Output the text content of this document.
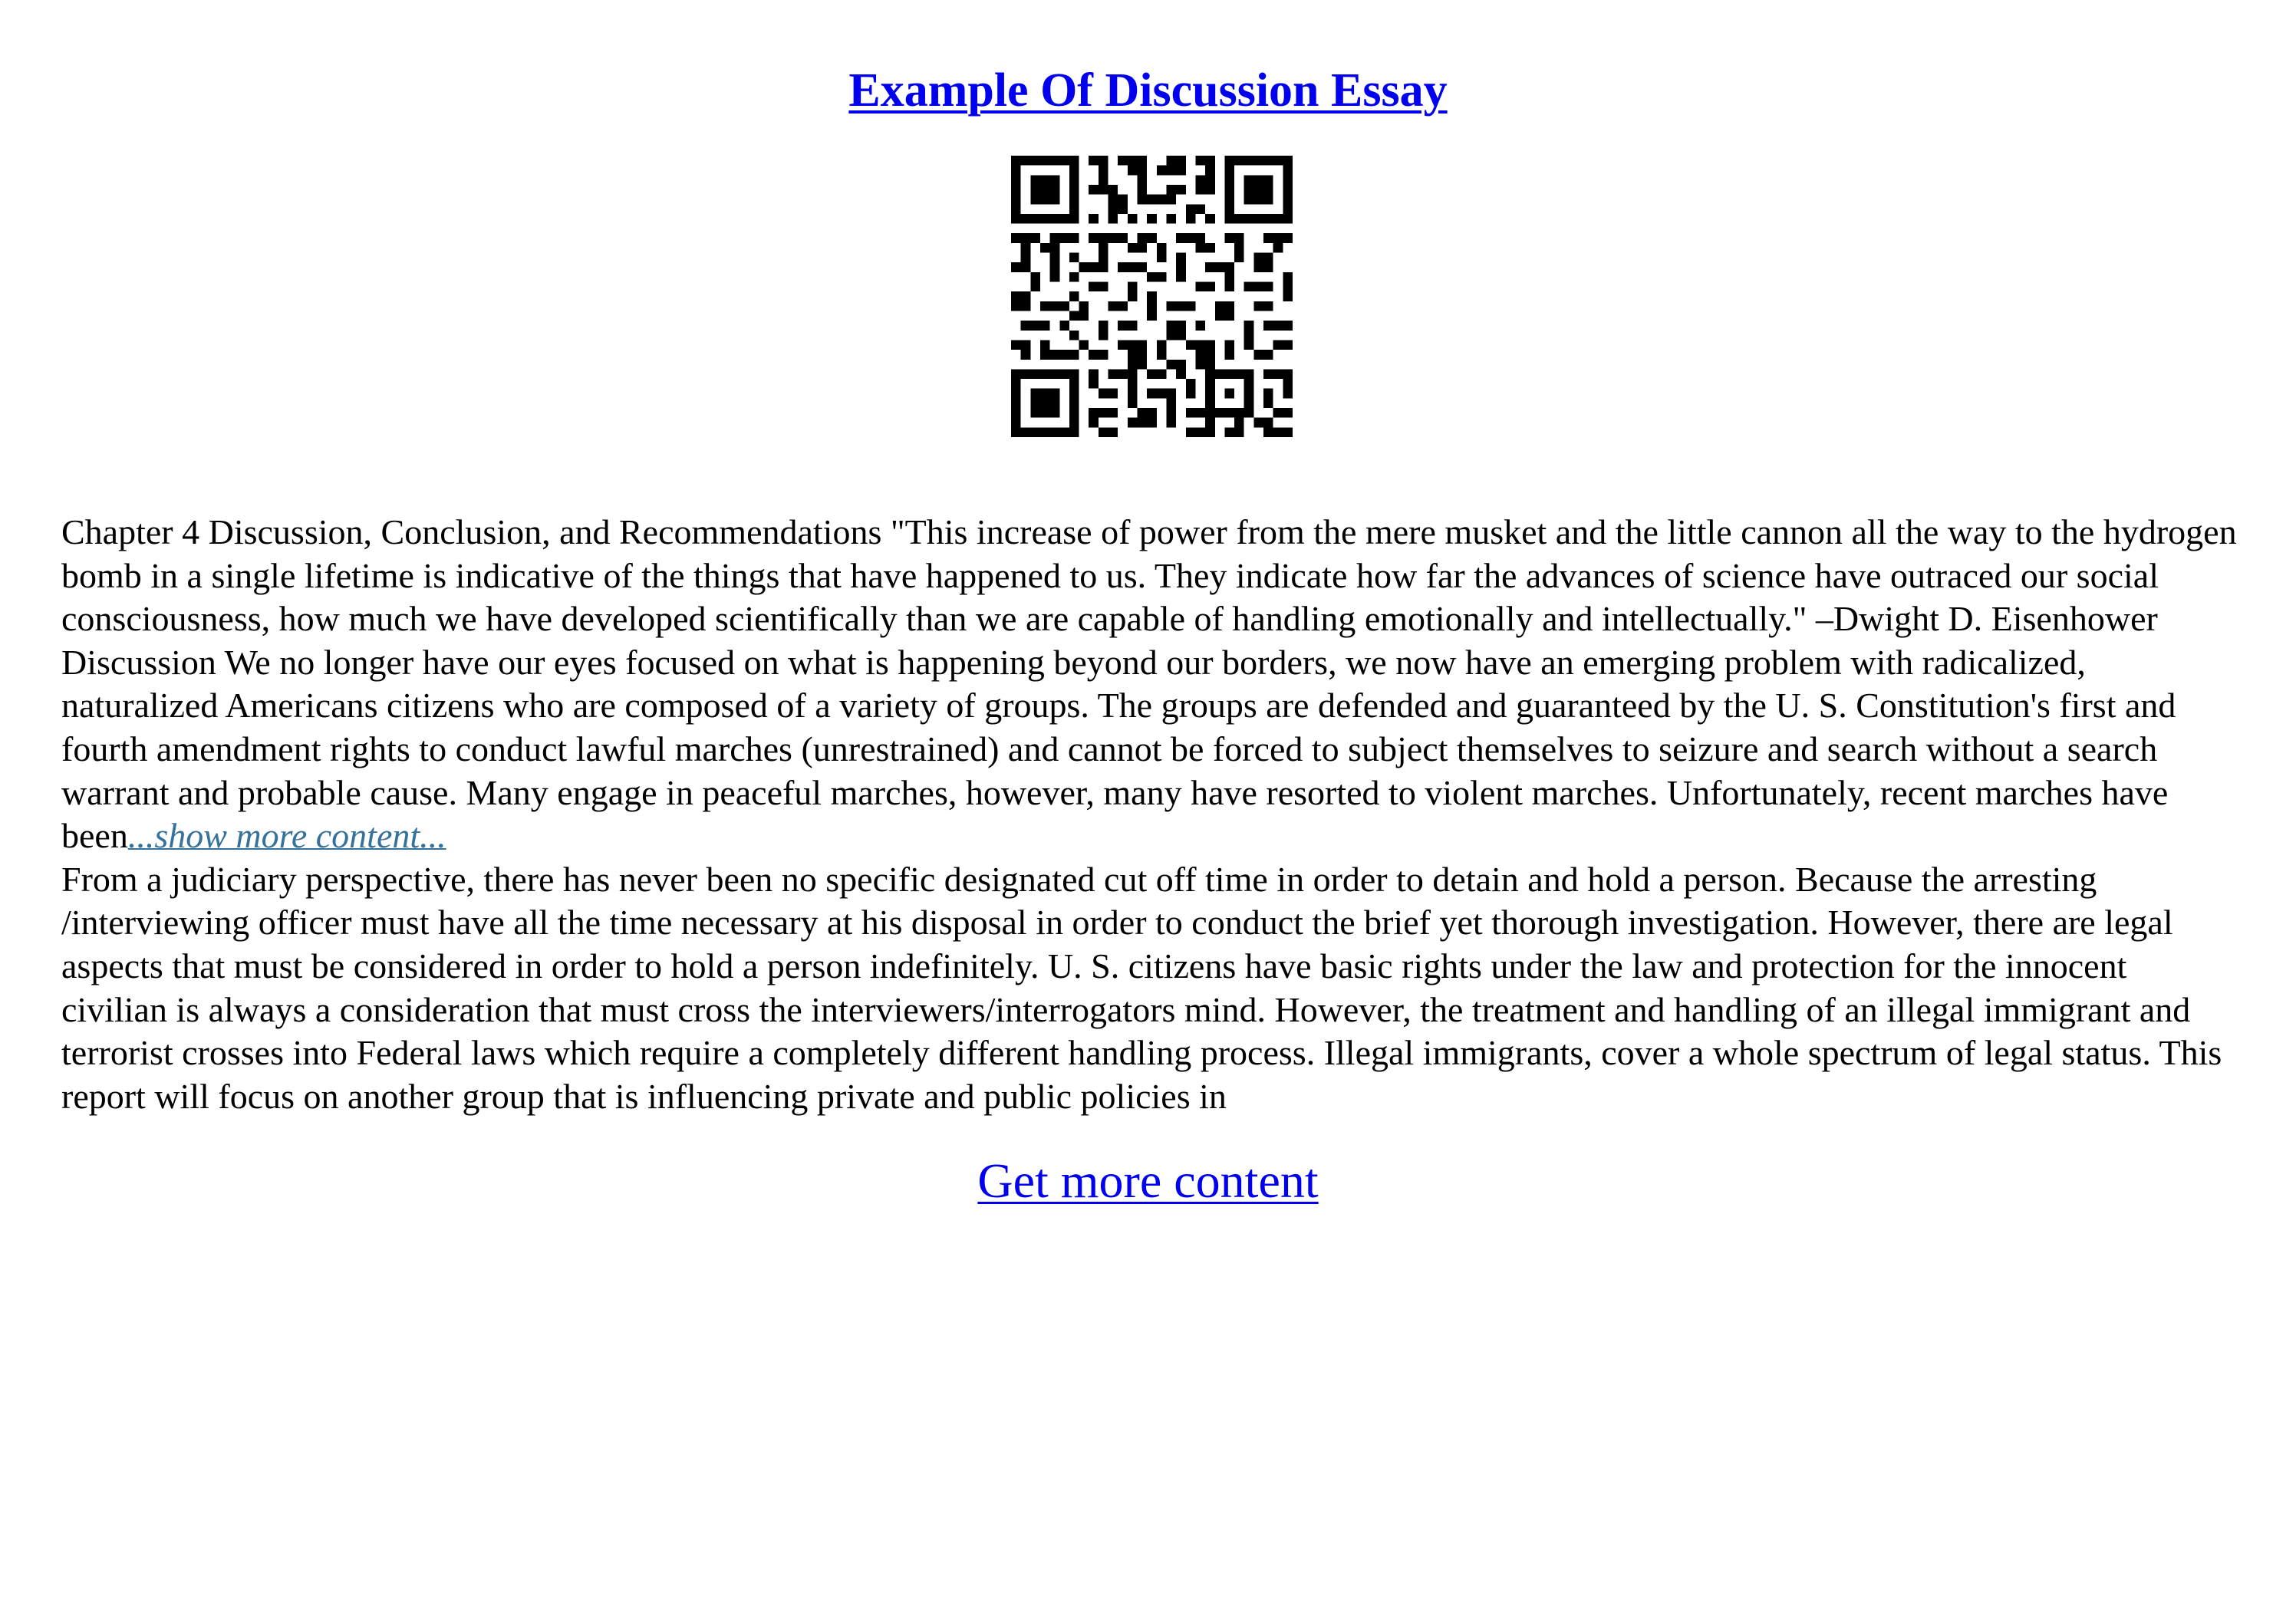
Example Of Discussion Essay

Chapter 4 Discussion, Conclusion, and Recommendations "This increase of power from the mere musket and the little cannon all the way to the hydrogen bomb in a single lifetime is indicative of the things that have happened to us. They indicate how far the advances of science have outraced our social consciousness, how much we have developed scientifically than we are capable of handling emotionally and intellectually." –Dwight D. Eisenhower Discussion We no longer have our eyes focused on what is happening beyond our borders, we now have an emerging problem with radicalized, naturalized Americans citizens who are composed of a variety of groups. The groups are defended and guaranteed by the U. S. Constitution's first and fourth amendment rights to conduct lawful marches (unrestrained) and cannot be forced to subject themselves to seizure and search without a search warrant and probable cause. Many engage in peaceful marches, however, many have resorted to violent marches. Unfortunately, recent marches have been...show more content...

From a judiciary perspective, there has never been no specific designated cut off time in order to detain and hold a person. Because the arresting /interviewing officer must have all the time necessary at his disposal in order to conduct the brief yet thorough investigation. However, there are legal aspects that must be considered in order to hold a person indefinitely. U. S. citizens have basic rights under the law and protection for the innocent civilian is always a consideration that must cross the interviewers/interrogators mind. However, the treatment and handling of an illegal immigrant and terrorist crosses into Federal laws which require a completely different handling process. Illegal immigrants, cover a whole spectrum of legal status. This report will focus on another group that is influencing private and public policies in

Get more content
